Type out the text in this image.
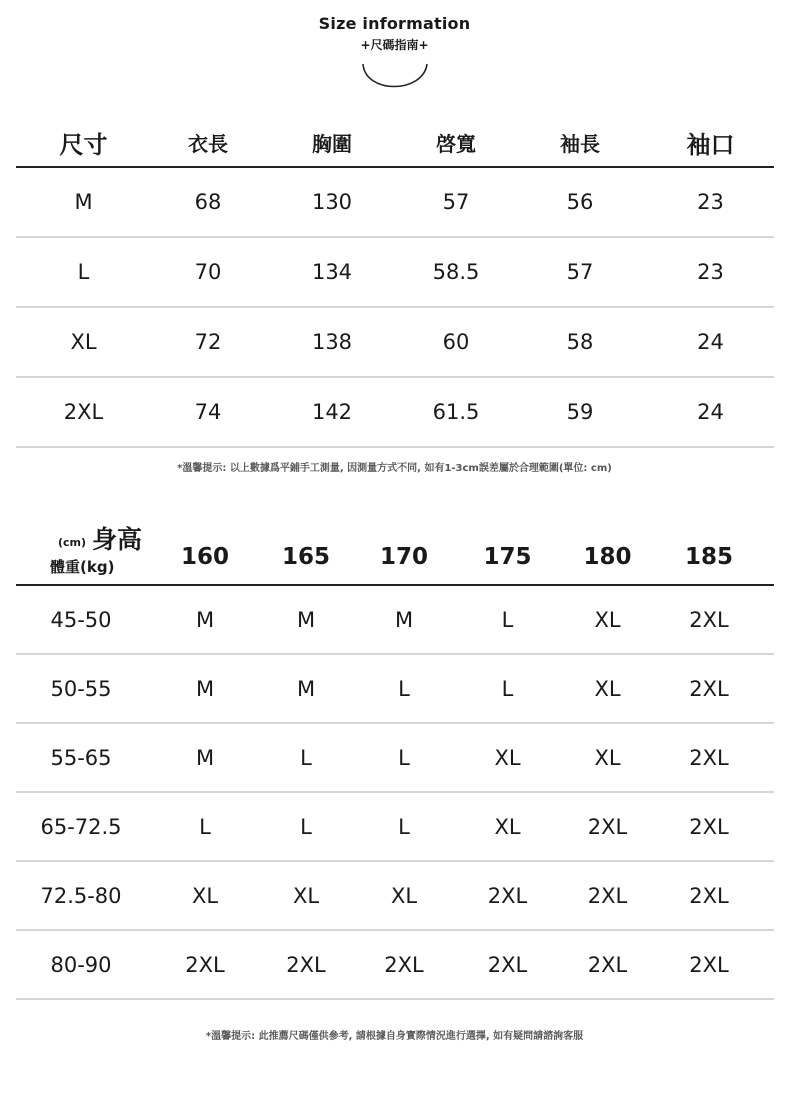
Size information
+尺碼指南+
尺寸	衣長	胸圍	啓寬	袖長	袖口
M	68	130	57	56	23
L	70	134	58.5	57	23
XL	72	138	60	58	24
2XL	74	142	61.5	59	24
*溫馨提示: 以上數據爲平鋪手工測量, 因測量方式不同, 如有1-3cm誤差屬於合理範圍(單位: cm)
(cm) 身高
體重(kg)	160	165	170	175	180	185
45-50	M	M	M	L	XL	2XL
50-55	M	M	L	L	XL	2XL
55-65	M	L	L	XL	XL	2XL
65-72.5	L	L	L	XL	2XL	2XL
72.5-80	XL	XL	XL	2XL	2XL	2XL
80-90	2XL	2XL	2XL	2XL	2XL	2XL
*溫馨提示: 此推薦尺碼僅供參考, 請根據自身實際情況進行選擇, 如有疑問請諮詢客服
